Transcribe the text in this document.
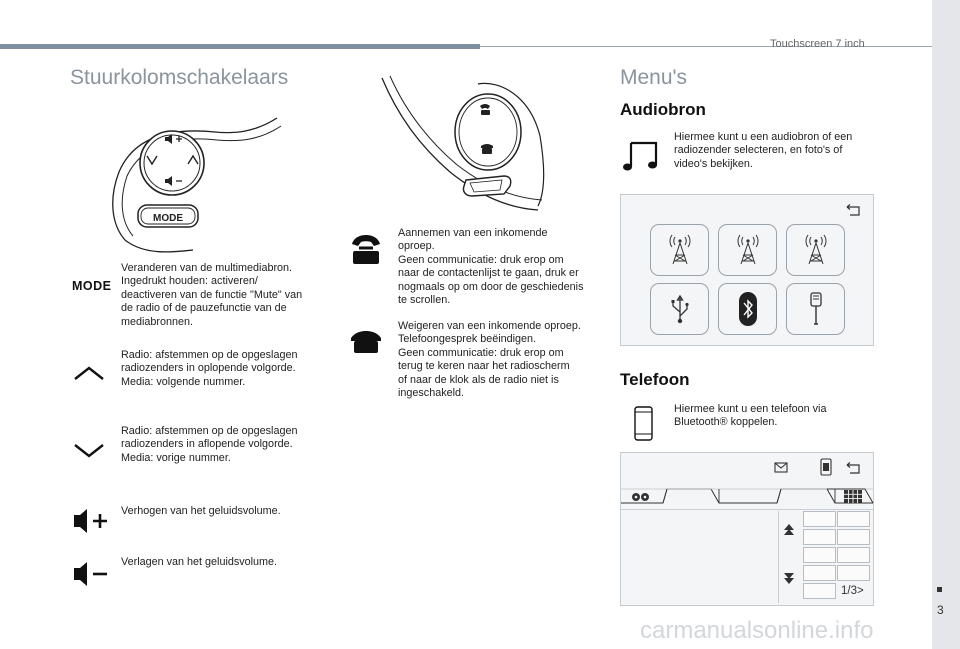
Touchscreen 7 inch
3
Stuurkolomschakelaars
MODE
MODE
Veranderen van de multimediabron.
Ingedrukt houden: activeren/
deactiveren van de functie "Mute" van
de radio of de pauzefunctie van de
mediabronnen.
Radio: afstemmen op de opgeslagen
radiozenders in oplopende volgorde.
Media: volgende nummer.
Radio: afstemmen op de opgeslagen
radiozenders in aflopende volgorde.
Media: vorige nummer.
Verhogen van het geluidsvolume.
Verlagen van het geluidsvolume.
Aannemen van een inkomende
oproep.
Geen communicatie: druk erop om
naar de contactenlijst te gaan, druk er
nogmaals op om door de geschiedenis
te scrollen.
Weigeren van een inkomende oproep.
Telefoongesprek beëindigen.
Geen communicatie: druk erop om
terug te keren naar het radioscherm
of naar de klok als de radio niet is
ingeschakeld.
Menu's
Audiobron
Hiermee kunt u een audiobron of een
radiozender selecteren, en foto's of
video's bekijken.
Telefoon
Hiermee kunt u een telefoon via
Bluetooth® koppelen.
1/3>
carmanualsonline.info
